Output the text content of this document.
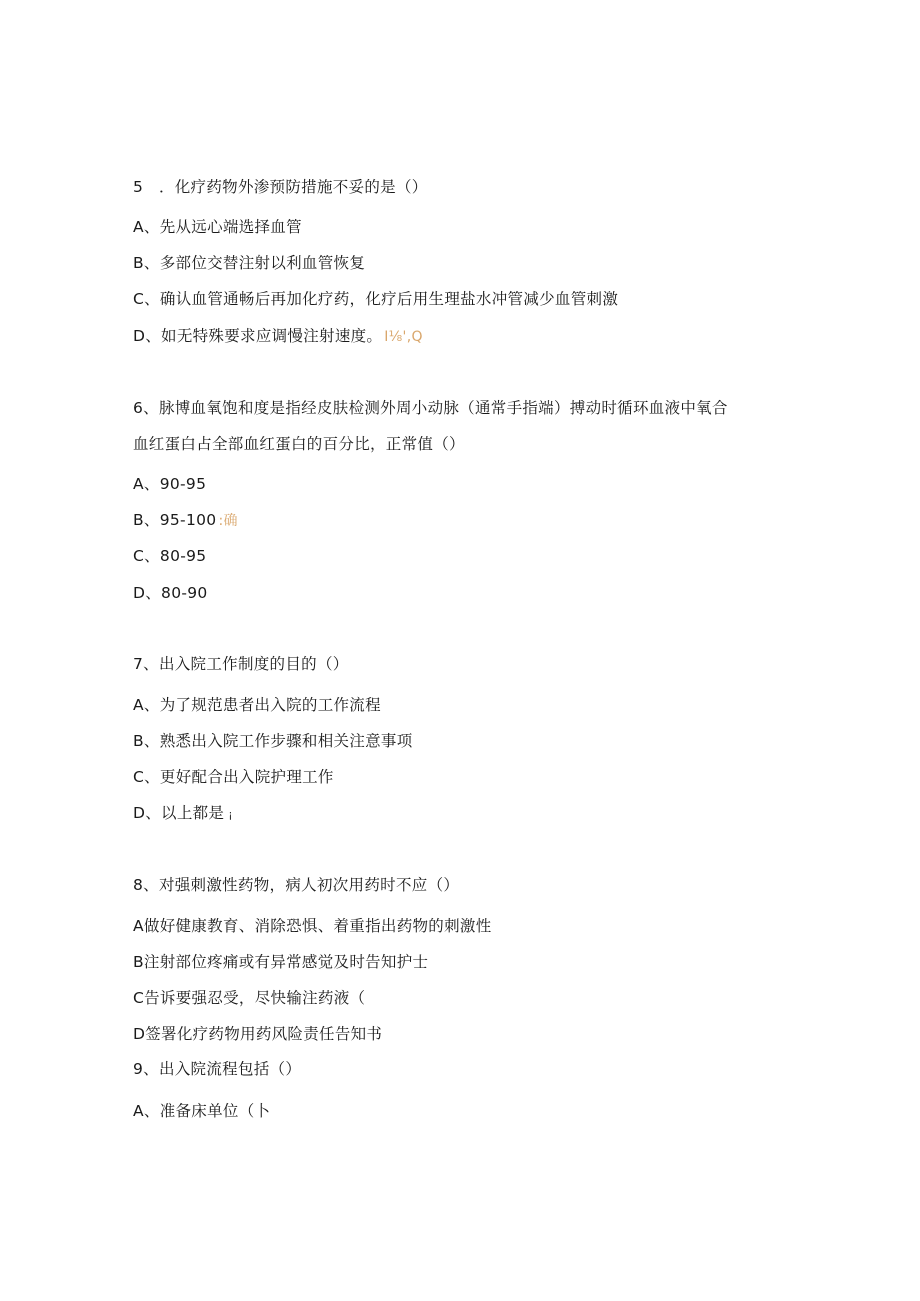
5　．化疗药物外渗预防措施不妥的是（）
A、先从远心端选择血管
B、多部位交替注射以利血管恢复
C、确认血管通畅后再加化疗药，化疗后用生理盐水冲管减少血管刺激
D、如无特殊要求应调慢注射速度。 I⅛',Q
6、脉博血氧饱和度是指经皮肤检测外周小动脉（通常手指端）搏动时循环血液中氧合
血红蛋白占全部血红蛋白的百分比，正常值（）
A、90-95
B、95-100 :确
C、80-95
D、80-90
7、出入院工作制度的目的（）
A、为了规范患者出入院的工作流程
B、熟悉出入院工作步骤和相关注意事项
C、更好配合出入院护理工作
D、以上都是 ¡
8、对强刺激性药物，病人初次用药时不应（）
A做好健康教育、消除恐惧、着重指出药物的刺激性
B注射部位疼痛或有异常感觉及时告知护士
C告诉要强忍受，尽快输注药液（
D签署化疗药物用药风险责任告知书
9、出入院流程包括（）
A、准备床单位（卜
